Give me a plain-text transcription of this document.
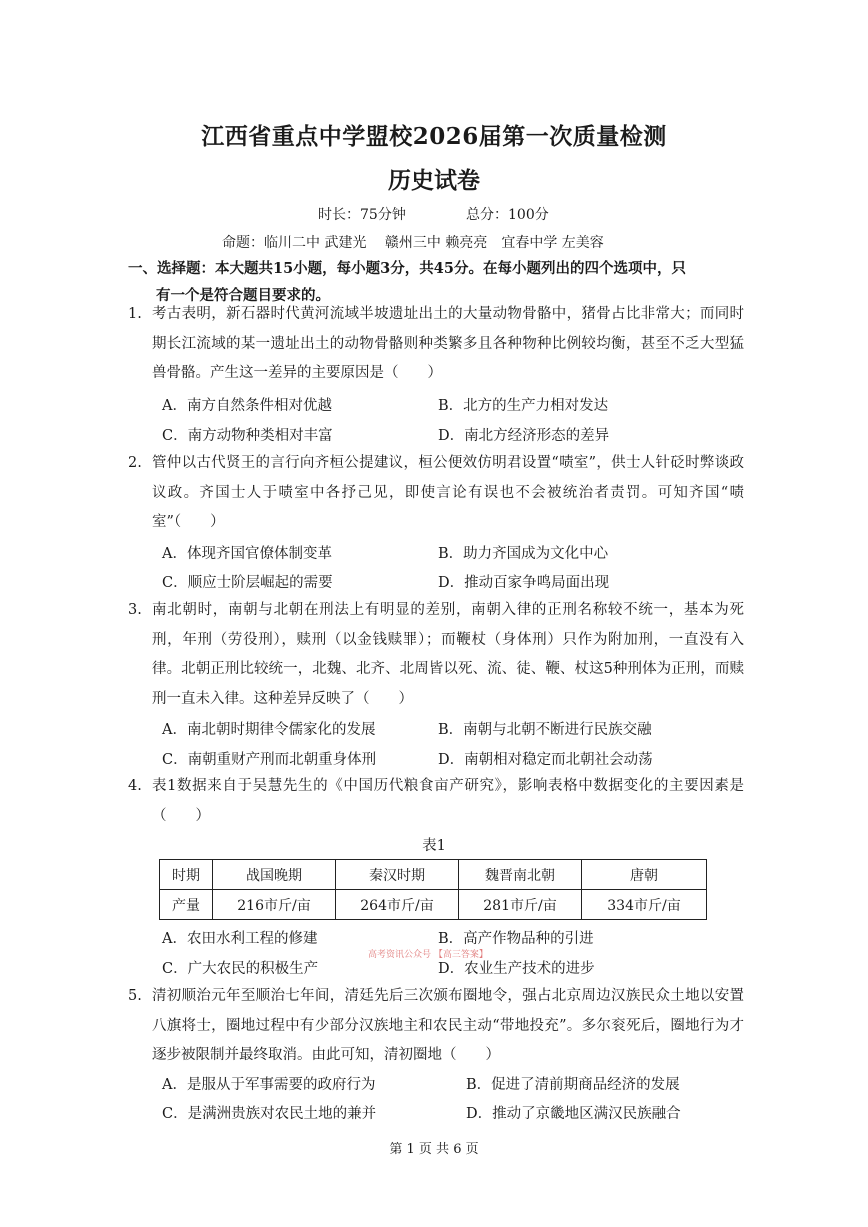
江西省重点中学盟校2026届第一次质量检测
历史试卷
时长：75分钟	总分：100分
命题：临川二中 武建光　 赣州三中 赖亮亮　宜春中学 左美容
一、选择题：本大题共15小题，每小题3分，共45分。在每小题列出的四个选项中，只
有一个是符合题目要求的。
1. 考古表明，新石器时代黄河流域半坡遗址出土的大量动物骨骼中，猪骨占比非常大；而同时期长江流域的某一遗址出土的动物骨骼则种类繁多且各种物种比例较均衡，甚至不乏大型猛兽骨骼。产生这一差异的主要原因是（　　）
A．南方自然条件相对优越	B．北方的生产力相对发达
C．南方动物种类相对丰富	D．南北方经济形态的差异
2. 管仲以古代贤王的言行向齐桓公提建议，桓公便效仿明君设置“啧室”，供士人针砭时弊谈政议政。齐国士人于啧室中各抒己见，即使言论有误也不会被统治者责罚。可知齐国“啧室”（　　）
A．体现齐国官僚体制变革	B．助力齐国成为文化中心
C．顺应士阶层崛起的需要	D．推动百家争鸣局面出现
3. 南北朝时，南朝与北朝在刑法上有明显的差别，南朝入律的正刑名称较不统一，基本为死刑，年刑（劳役刑），赎刑（以金钱赎罪）；而鞭杖（身体刑）只作为附加刑，一直没有入律。北朝正刑比较统一，北魏、北齐、北周皆以死、流、徒、鞭、杖这5种刑体为正刑，而赎刑一直未入律。这种差异反映了（　　）
A．南北朝时期律令儒家化的发展	B．南朝与北朝不断进行民族交融
C．南朝重财产刑而北朝重身体刑	D．南朝相对稳定而北朝社会动荡
4. 表1数据来自于吴慧先生的《中国历代粮食亩产研究》，影响表格中数据变化的主要因素是（　　）
表1
时期	战国晚期	秦汉时期	魏晋南北朝	唐朝
产量	216市斤/亩	264市斤/亩	281市斤/亩	334市斤/亩
A．农田水利工程的修建	B．高产作物品种的引进
高考资讯公众号 【高三答案】
C．广大农民的积极生产	D．农业生产技术的进步
5. 清初顺治元年至顺治七年间，清廷先后三次颁布圈地令，强占北京周边汉族民众土地以安置八旗将士，圈地过程中有少部分汉族地主和农民主动“带地投充”。多尔衮死后，圈地行为才逐步被限制并最终取消。由此可知，清初圈地（　　）
A．是服从于军事需要的政府行为	B．促进了清前期商品经济的发展
C．是满洲贵族对农民土地的兼并	D．推动了京畿地区满汉民族融合
第 1 页 共 6 页
